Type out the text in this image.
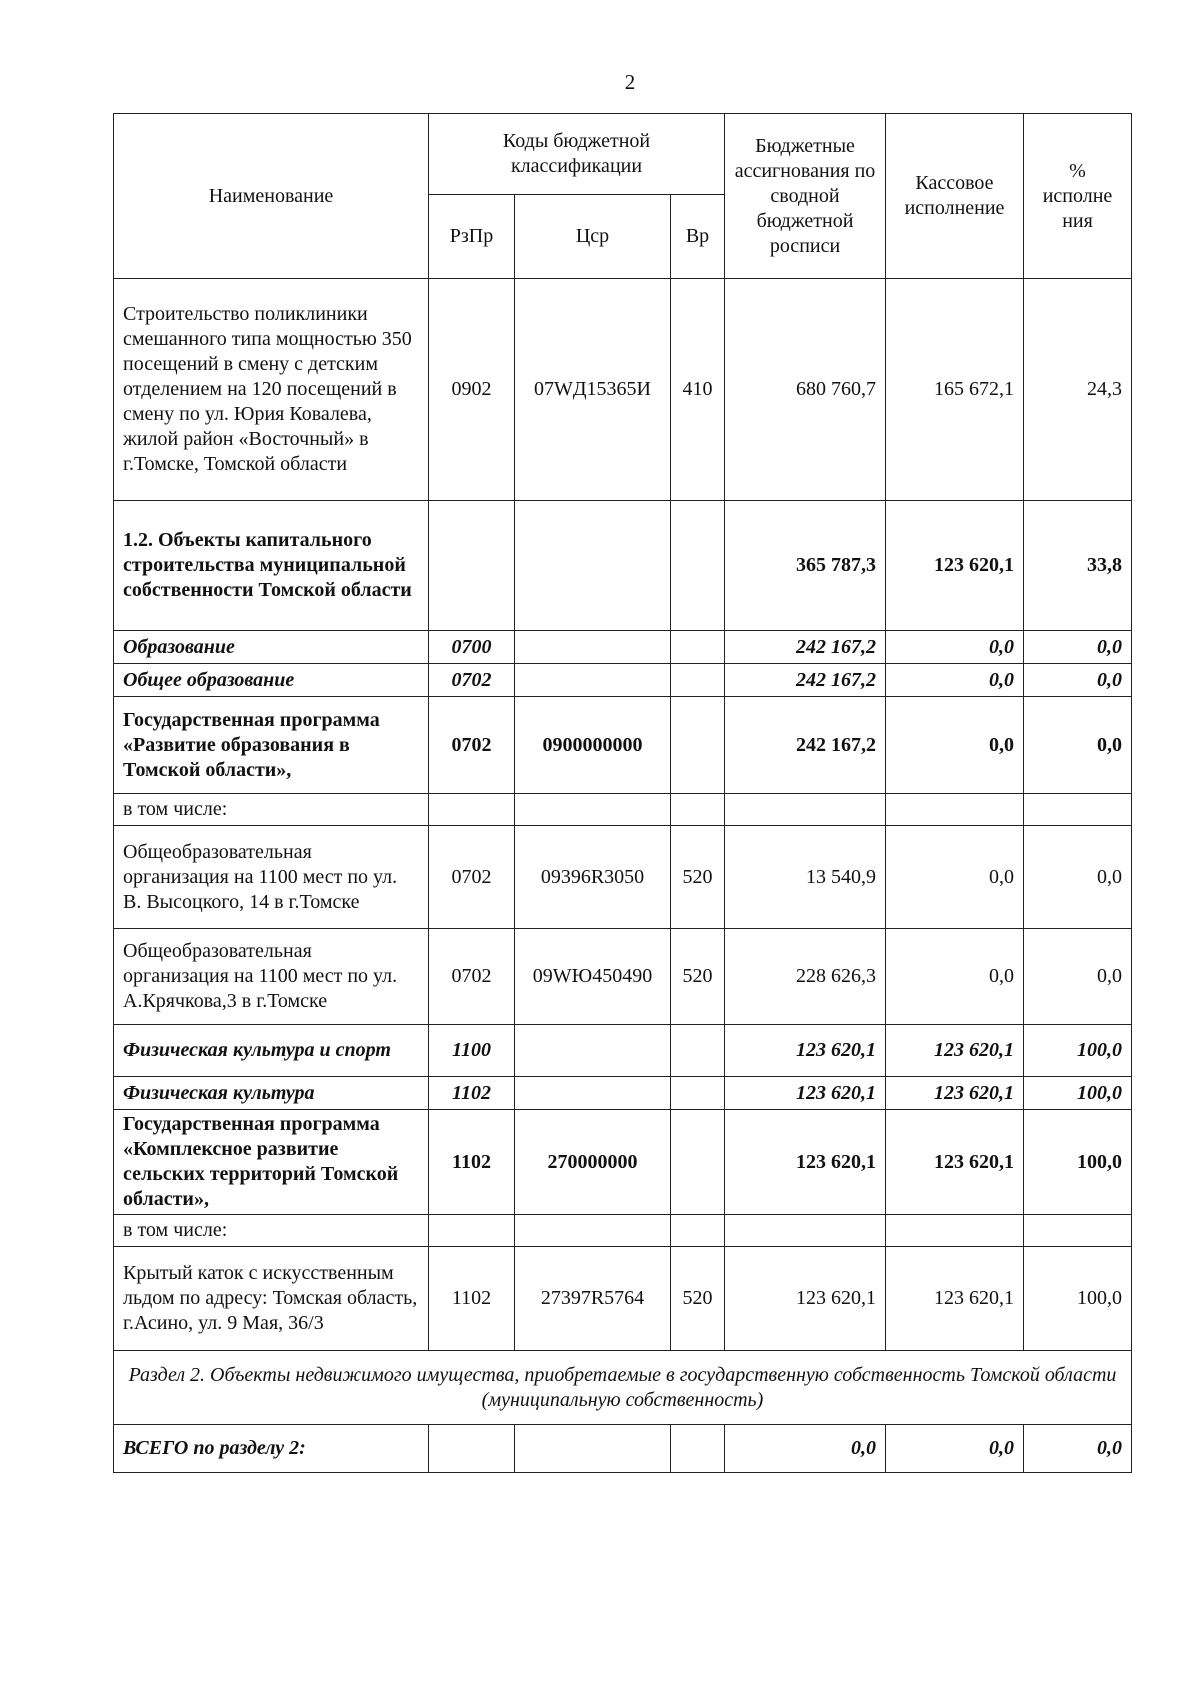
2
Наименование	Коды бюджетной классификации			Бюджетные ассигнования по сводной бюджетной росписи	Кассовое исполнение	% исполне ния
	РзПр	Цср	Вр			
Строительство поликлиники смешанного типа мощностью 350 посещений в смену с детским отделением на 120 посещений в смену по ул. Юрия Ковалева, жилой район «Восточный» в г.Томске, Томской области	0902	07WД15365И	410	680 760,7	165 672,1	24,3
1.2. Объекты капитального строительства муниципальной собственности Томской области				365 787,3	123 620,1	33,8
Образование	0700			242 167,2	0,0	0,0
Общее образование	0702			242 167,2	0,0	0,0
Государственная программа «Развитие образования в Томской области»,	0702	0900000000		242 167,2	0,0	0,0
в том числе:						
Общеобразовательная организация на 1100 мест по ул. В. Высоцкого, 14 в г.Томске	0702	09396R3050	520	13 540,9	0,0	0,0
Общеобразовательная организация на 1100 мест по ул. А.Крячкова,3 в г.Томске	0702	09WЮ450490	520	228 626,3	0,0	0,0
Физическая культура и спорт	1100			123 620,1	123 620,1	100,0
Физическая культура	1102			123 620,1	123 620,1	100,0
Государственная программа «Комплексное развитие сельских территорий Томской области»,	1102	270000000		123 620,1	123 620,1	100,0
в том числе:						
Крытый каток с искусственным льдом по адресу: Томская область, г.Асино, ул. 9 Мая, 36/3	1102	27397R5764	520	123 620,1	123 620,1	100,0
Раздел 2. Объекты недвижимого имущества, приобретаемые в государственную собственность Томской области (муниципальную собственность)						
ВСЕГО по разделу 2:				0,0	0,0	0,0
